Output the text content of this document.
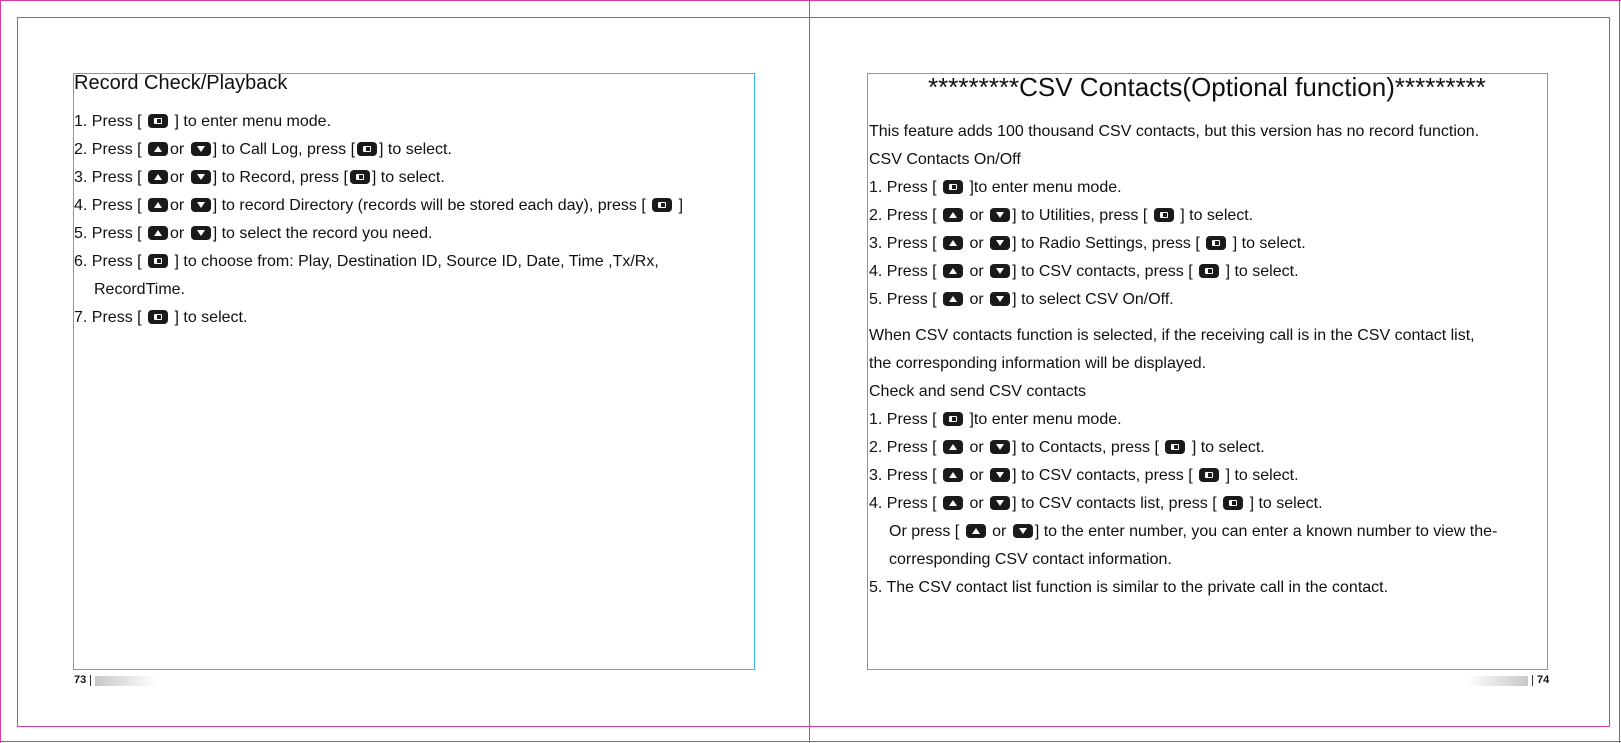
Record Check/Playback
1. Press [ ] to enter menu mode.
2. Press [ or ] to Call Log, press [ ] to select.
3. Press [ or ] to Record, press [ ] to select.
4. Press [ or ] to record Directory (records will be stored each day), press [ ]
5. Press [ or ] to select the record you need.
6. Press [ ] to choose from: Play, Destination ID, Source ID, Date, Time ,Tx/Rx,
RecordTime.
7. Press [ ] to select.
73
*********CSV Contacts(Optional function)*********
This feature adds 100 thousand CSV contacts, but this version has no record function.
CSV Contacts On/Off
1. Press [ ]to enter menu mode.
2. Press [ or ] to Utilities, press [ ] to select.
3. Press [ or ] to Radio Settings, press [ ] to select.
4. Press [ or ] to CSV contacts, press [ ] to select.
5. Press [ or ] to select CSV On/Off.
When CSV contacts function is selected, if the receiving call is in the CSV contact list,
the corresponding information will be displayed.
Check and send CSV contacts
1. Press [ ]to enter menu mode.
2. Press [ or ] to Contacts, press [ ] to select.
3. Press [ or ] to CSV contacts, press [ ] to select.
4. Press [ or ] to CSV contacts list, press [ ] to select.
Or press [ or ] to the enter number, you can enter a known number to view the-
corresponding CSV contact information.
5. The CSV contact list function is similar to the private call in the contact.
74
